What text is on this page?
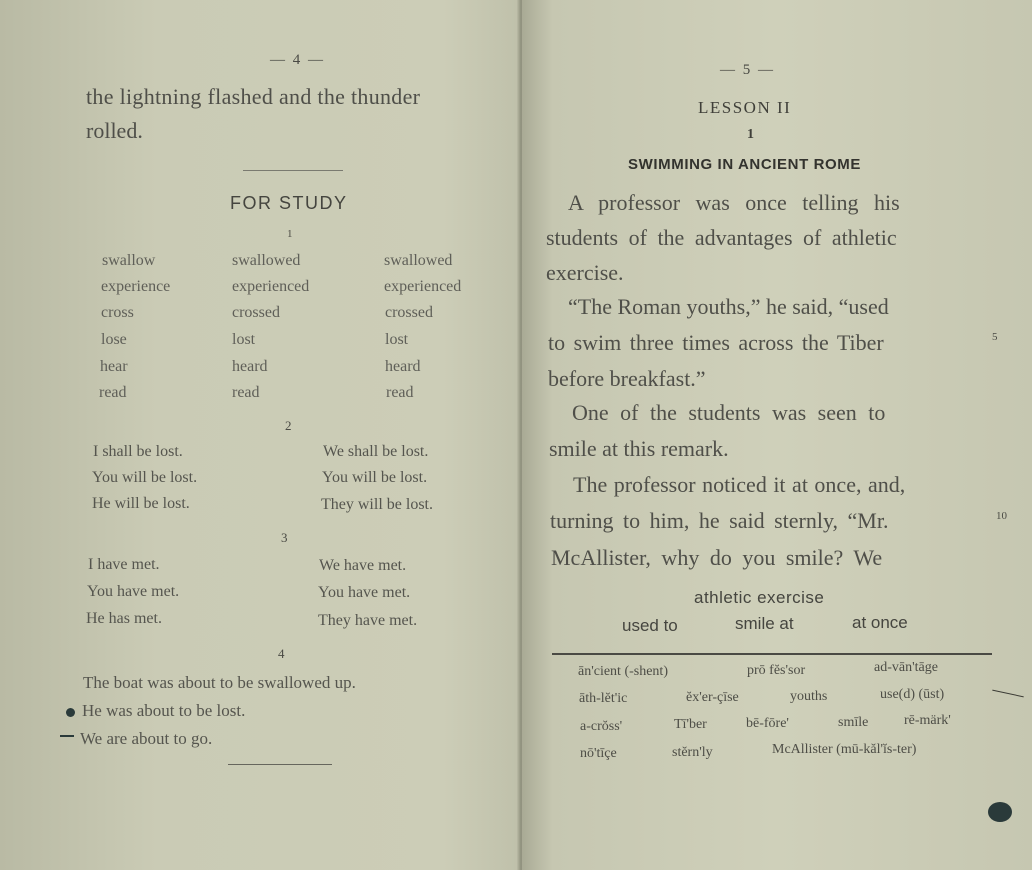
— 4 —
the lightning flashed and the thunder
rolled.
FOR STUDY
1
swallow	swallowed	swallowed
experience	experienced	experienced
cross	crossed	crossed
lose	lost	lost
hear	heard	heard
read	read	read
2
I shall be lost.	We shall be lost.
You will be lost.	You will be lost.
He will be lost.	They will be lost.
3
I have met.	We have met.
You have met.	You have met.
He has met.	They have met.
4
The boat was about to be swallowed up.
He was about to be lost.
We are about to go.
— 5 —
LESSON II
1
SWIMMING IN ANCIENT ROME
A professor was once telling his
students of the advantages of athletic
exercise.
“The Roman youths,” he said, “used
to swim three times across the Tiber
before breakfast.”
One of the students was seen to
smile at this remark.
The professor noticed it at once, and,
turning to him, he said sternly, “Mr.
McAllister, why do you smile? We
5
10
athletic exercise
used to	smile at	at once
ān'cient (-shent)	prō fĕs'sor	ad-vān'tāge
āth-lĕt'ic	ĕx'er-çīse	youths	use(d) (ūst)
a-crŏss'	Tī'ber	bē-fōre'	smīle	rē-märk'
nō'tīçe	stĕrn'ly	McAllister (mū-kăl'ĭs-ter)
